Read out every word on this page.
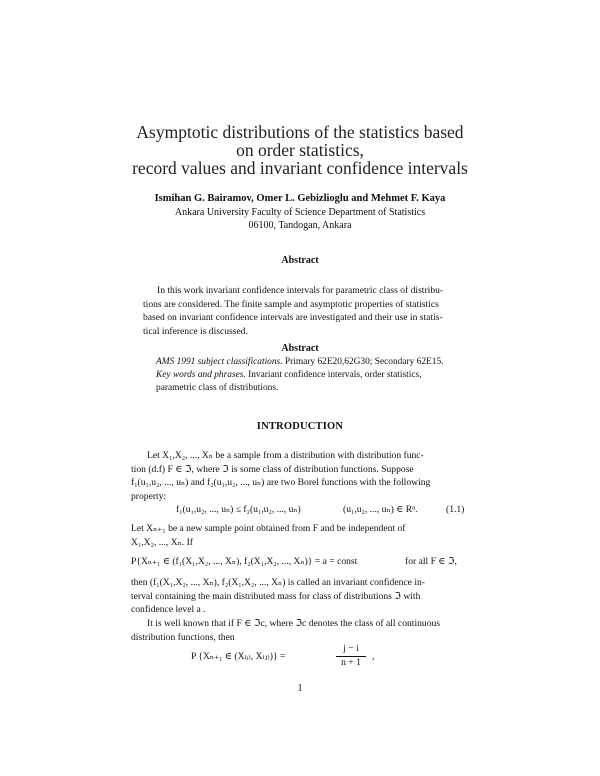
Asymptotic distributions of the statistics based
on order statistics,
record values and invariant confidence intervals
Ismihan G. Bairamov, Omer L. Gebizlioglu and Mehmet F. Kaya
Ankara University Faculty of Science Department of Statistics
06100, Tandogan, Ankara
Abstract
In this work invariant confidence intervals for parametric class of distribu-
tions are considered. The finite sample and asymptotic properties of statistics
based on invariant confidence intervals are investigated and their use in statis-
tical inference is discussed.
Abstract
AMS 1991 subject classifications. Primary 62E20,62G30; Secondary 62E15.
Key words and phrases. Invariant confidence intervals, order statistics,
parametric class of distributions.
INTRODUCTION
Let X₁,X₂, ..., Xₙ be a sample from a distribution with distribution func-
tion (d.f) F ∈ ℑ, where ℑ is some class of distribution functions. Suppose
f₁(u₁,u₂, ..., uₙ) and f₂(u₁,u₂, ..., uₙ) are two Borel functions with the following
property:
f₁(u₁,u₂, ..., uₙ) ≤ f₂(u₁,u₂, ..., uₙ)	(u₁,u₂, ..., uₙ) ∈ Rⁿ.	(1.1)
Let Xₙ₊₁ be a new sample point obtained from F and be independent of
X₁,X₂, ..., Xₙ. If
P{Xₙ₊₁ ∈ (f₁(X₁,X₂, ..., Xₙ), f₂(X₁,X₂, ..., Xₙ)} = a = const	for all F ∈ ℑ,
then (f₁(X₁,X₂, ..., Xₙ), f₂(X₁,X₂, ..., Xₙ) is called an invariant confidence in-
terval containing the main distributed mass for class of distributions ℑ with
confidence level a .
It is well known that if F ∈ ℑc, where ℑc denotes the class of all continuous
distribution functions, then
P {Xₙ₊₁ ∈ (X₍ᵢ₎, X₍ⱼ₎)} =	$\frac{j - i}{n + 1}$ ,
1
